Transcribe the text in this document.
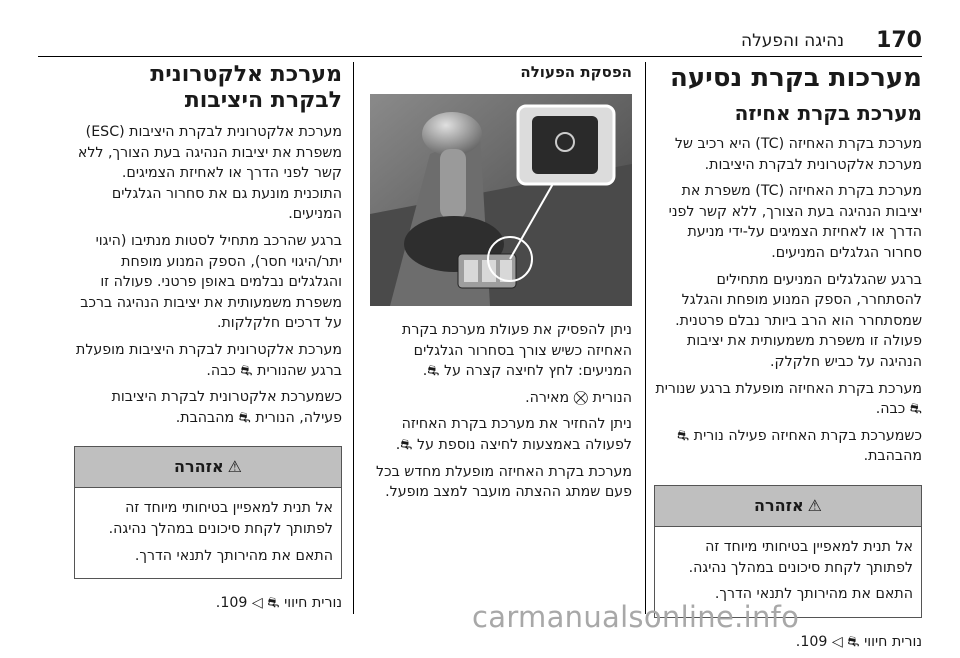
170
נהיגה והפעלה
מערכות בקרת נסיעה
מערכת בקרת אחיזה

מערכת בקרת האחיזה (TC) היא רכיב של מערכת אלקטרונית לבקרת היציבות.

מערכת בקרת האחיזה (TC) משפרת את יציבות הנהיגה בעת הצורך, ללא קשר לפני הדרך או לאחיזת הצמיגים על-ידי מניעת סחרור הגלגלים המניעים.

ברגע שהגלגלים המניעים מתחילים להסתחרר, הספק המנוע מופחת והגלגל שמסתחרר הוא הרב ביותר נבלם פרטנית. פעולה זו משפרת משמעותית את יציבות הנהיגה על כביש חלקלק.

מערכת בקרת האחיזה מופעלת ברגע שנורית ⛐ כבה.

כשמערכת בקרת האחיזה פעילה נורית ⛐ מהבהבת.

⚠
אזהרה

אל תנית למאפיין בטיחותי מיוחד זה לפתותך לקחת סיכונים במהלך נהיגה.

התאם את מהירותך לתנאי הדרך.

נורית חיווי ⛐ ◁ 109.

הפסקת הפעולה

ניתן להפסיק את פעולת מערכת בקרת האחיזה כשיש צורך בסחרור הגלגלים המניעים: לחץ לחיצה קצרה על ⛐.

הנורית ⛒ מאירה.

ניתן להחזיר את מערכת בקרת האחיזה לפעולה באמצעות לחיצה נוספת על ⛐.

מערכת בקרת האחיזה מופעלת מחדש בכל פעם שמתג ההצתה מועבר למצב מופעל.

מערכת אלקטרונית לבקרת היציבות

מערכת אלקטרונית לבקרת היציבות (ESC) משפרת את יציבות הנהיגה בעת הצורך, ללא קשר לפני הדרך או לאחיזת הצמיגים. התוכנית מונעת גם את סחרור הגלגלים המניעים.

ברגע שהרכב מתחיל לסטות מנתיבו (היגוי יתר/היגוי חסר), הספק המנוע מופחת והגלגלים נבלמים באופן פרטני. פעולה זו משפרת משמעותית את יציבות הנהיגה ברכב על דרכים חלקלקות.

מערכת אלקטרונית לבקרת היציבות מופעלת ברגע שהנורית ⛐ כבה.

כשמערכת אלקטרונית לבקרת היציבות פעילה, הנורית ⛐ מהבהבת.

⚠
אזהרה

אל תנית למאפיין בטיחותי מיוחד זה לפתותך לקחת סיכונים במהלך נהיגה.

התאם את מהירותך לתנאי הדרך.

נורית חיווי ⛐ ◁ 109.	carmanualsonline.info
